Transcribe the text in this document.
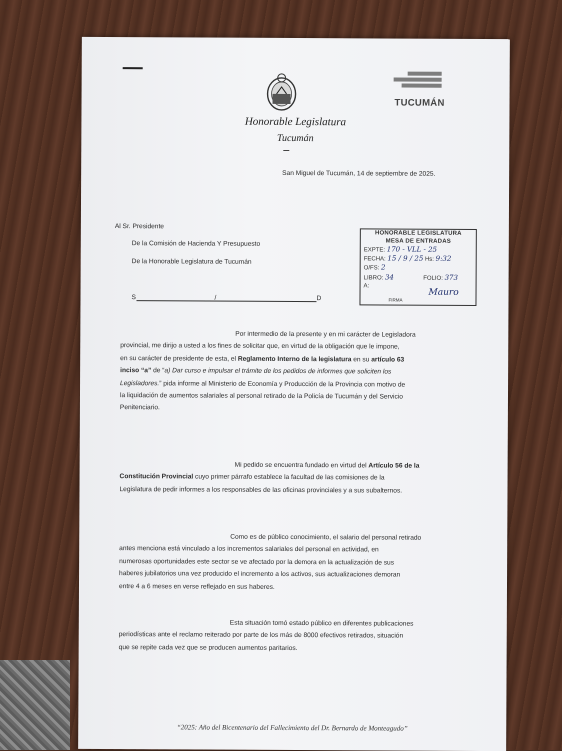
Honorable Legislatura
Tucumán
TUCUMÁN
San Miguel de Tucumán, 14 de septiembre de 2025.
Al Sr. Presidente
De la Comisión de Hacienda Y Presupuesto
De la Honorable Legislatura de Tucumán
S	/	D
HONORABLE LEGISLATURA
MESA DE ENTRADAS
EXPTE: 170 - VLL - 25
FECHA: 15 / 9 / 25 Hs: 9:32
O/FS: 2
LIBRO: 34	FOLIO: 373
A:
Mauro
FIRMA

Por intermedio de la presente y en mi carácter de Legisladora

provincial, me dirijo a usted a los fines de solicitar que, en virtud de la obligación que le impone,

en su carácter de presidente de esta, el Reglamento Interno de la legislatura en su artículo 63

inciso “a” de “a) Dar curso e impulsar el trámite de los pedidos de informes que soliciten los

Legisladores.” pida informe al Ministerio de Economía y Producción de la Provincia con motivo de

la liquidación de aumentos salariales al personal retirado de la Policía de Tucumán y del Servicio

Penitenciario.

Mi pedido se encuentra fundado en virtud del Artículo 56 de la

Constitución Provincial cuyo primer párrafo establece la facultad de las comisiones de la

Legislatura de pedir informes a los responsables de las oficinas provinciales y a sus subalternos.

Como es de público conocimiento, el salario del personal retirado

antes menciona está vinculado a los incrementos salariales del personal en actividad, en

numerosas oportunidades este sector se ve afectado por la demora en la actualización de sus

haberes jubilatorios una vez producido el incremento a los activos, sus actualizaciones demoran

entre 4 a 6 meses en verse reflejado en sus haberes.

Esta situación tomó estado público en diferentes publicaciones

periodísticas ante el reclamo reiterado por parte de los más de 8000 efectivos retirados, situación

que se repite cada vez que se producen aumentos paritarios.

“2025: Año del Bicentenario del Fallecimiento del Dr. Bernardo de Monteagudo”
